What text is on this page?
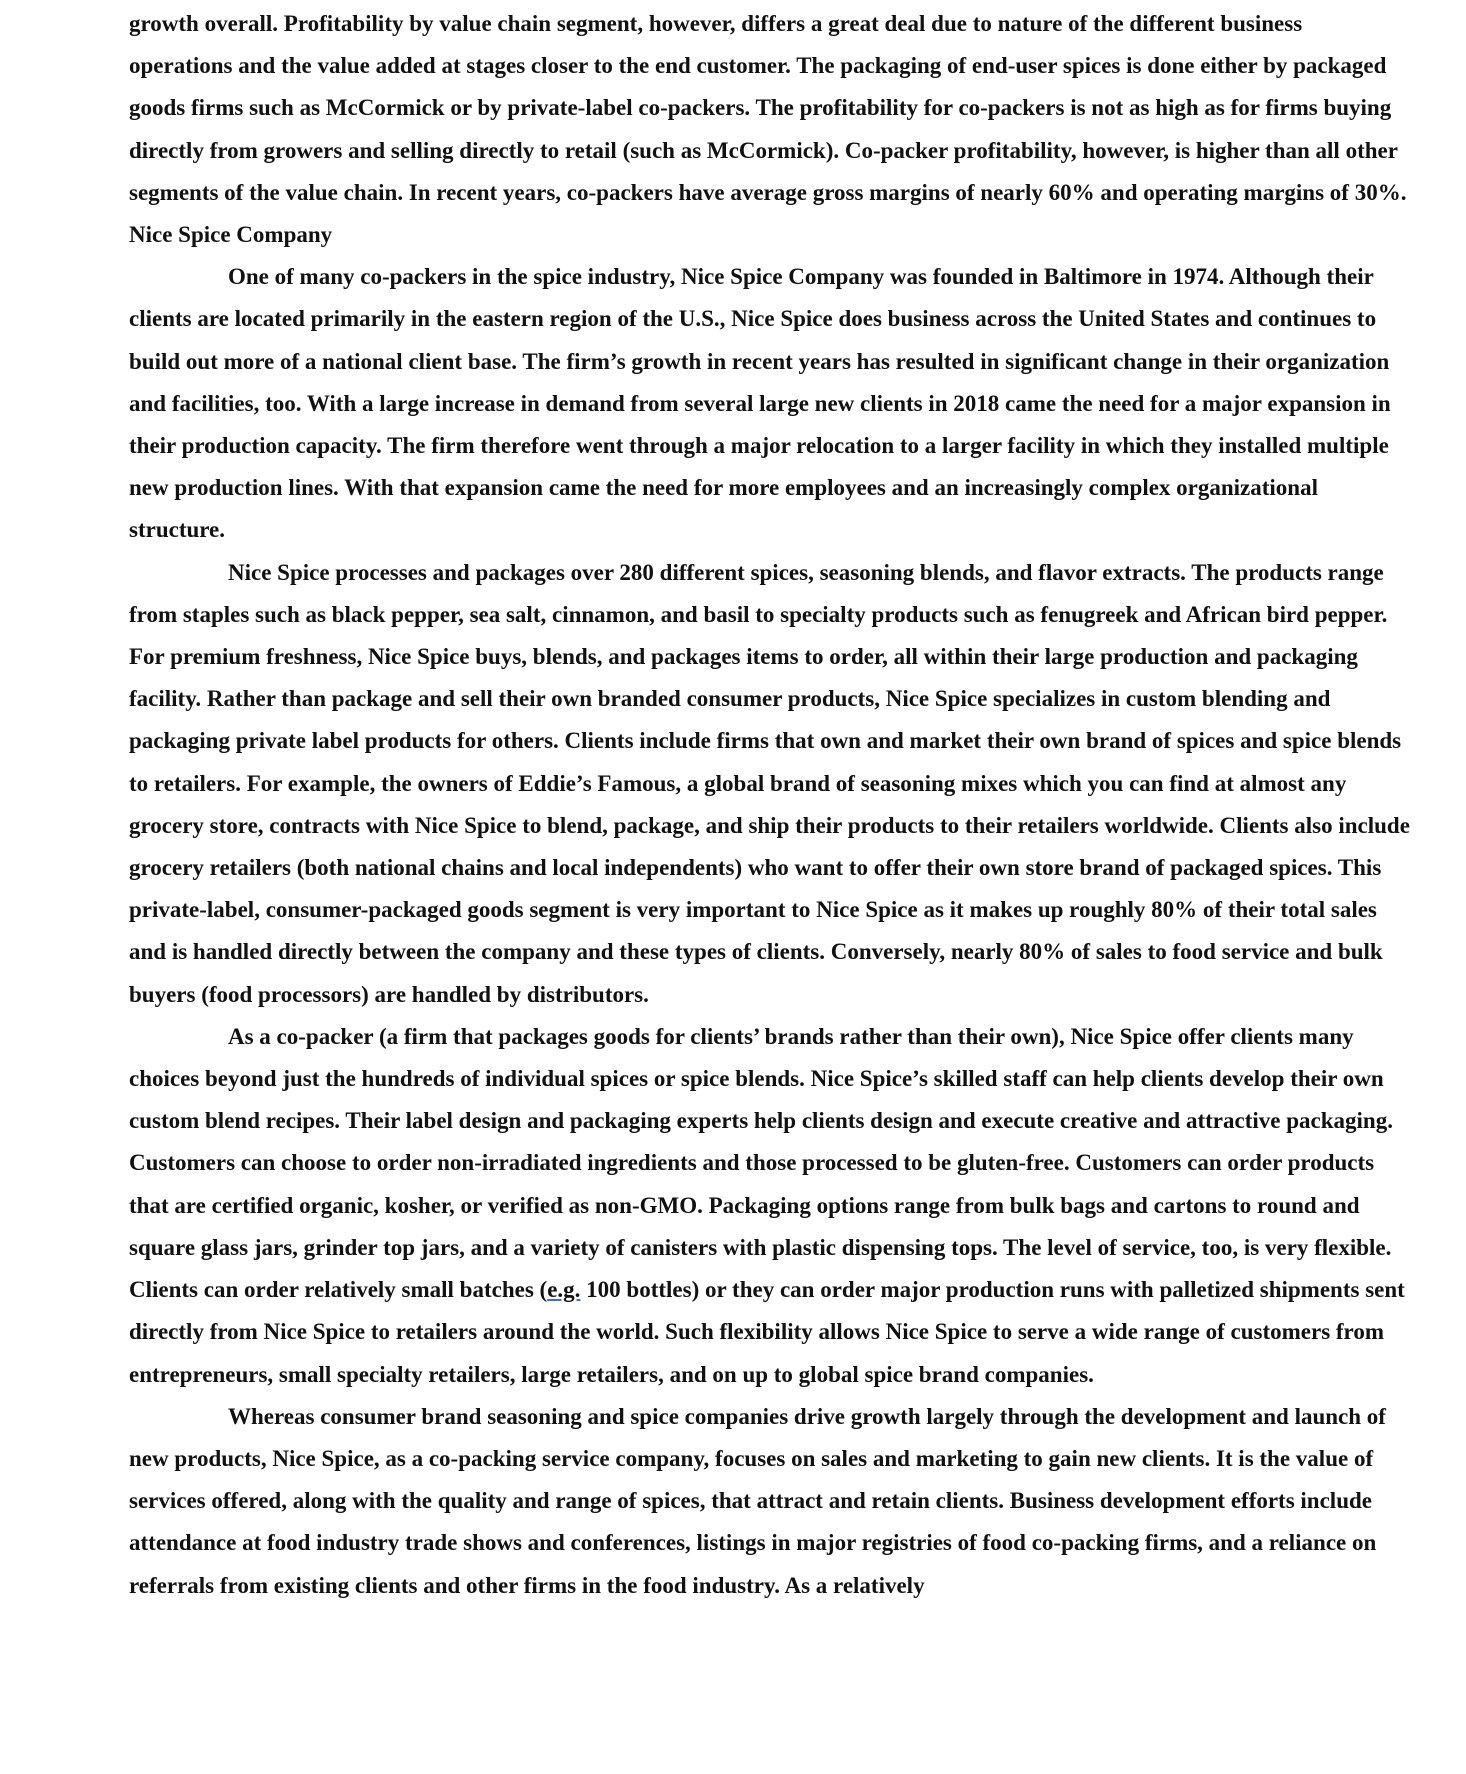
growth overall. Profitability by value chain segment, however, differs a great deal due to nature of the different business operations and the value added at stages closer to the end customer. The packaging of end-user spices is done either by packaged goods firms such as McCormick or by private-label co-packers. The profitability for co-packers is not as high as for firms buying directly from growers and selling directly to retail (such as McCormick). Co-packer profitability, however, is higher than all other segments of the value chain. In recent years, co-packers have average gross margins of nearly 60% and operating margins of 30%.

Nice Spice Company

One of many co-packers in the spice industry, Nice Spice Company was founded in Baltimore in 1974. Although their clients are located primarily in the eastern region of the U.S., Nice Spice does business across the United States and continues to build out more of a national client base. The firm’s growth in recent years has resulted in significant change in their organization and facilities, too. With a large increase in demand from several large new clients in 2018 came the need for a major expansion in their production capacity. The firm therefore went through a major relocation to a larger facility in which they installed multiple new production lines. With that expansion came the need for more employees and an increasingly complex organizational structure.

Nice Spice processes and packages over 280 different spices, seasoning blends, and flavor extracts. The products range from staples such as black pepper, sea salt, cinnamon, and basil to specialty products such as fenugreek and African bird pepper. For premium freshness, Nice Spice buys, blends, and packages items to order, all within their large production and packaging facility. Rather than package and sell their own branded consumer products, Nice Spice specializes in custom blending and packaging private label products for others. Clients include firms that own and market their own brand of spices and spice blends to retailers. For example, the owners of Eddie’s Famous, a global brand of seasoning mixes which you can find at almost any grocery store, contracts with Nice Spice to blend, package, and ship their products to their retailers worldwide. Clients also include grocery retailers (both national chains and local independents) who want to offer their own store brand of packaged spices. This private-label, consumer-packaged goods segment is very important to Nice Spice as it makes up roughly 80% of their total sales and is handled directly between the company and these types of clients. Conversely, nearly 80% of sales to food service and bulk buyers (food processors) are handled by distributors.

As a co-packer (a firm that packages goods for clients’ brands rather than their own), Nice Spice offer clients many choices beyond just the hundreds of individual spices or spice blends. Nice Spice’s skilled staff can help clients develop their own custom blend recipes. Their label design and packaging experts help clients design and execute creative and attractive packaging. Customers can choose to order non-irradiated ingredients and those processed to be gluten-free. Customers can order products that are certified organic, kosher, or verified as non-GMO. Packaging options range from bulk bags and cartons to round and square glass jars, grinder top jars, and a variety of canisters with plastic dispensing tops. The level of service, too, is very flexible. Clients can order relatively small batches (e.g. 100 bottles) or they can order major production runs with palletized shipments sent directly from Nice Spice to retailers around the world. Such flexibility allows Nice Spice to serve a wide range of customers from entrepreneurs, small specialty retailers, large retailers, and on up to global spice brand companies.

Whereas consumer brand seasoning and spice companies drive growth largely through the development and launch of new products, Nice Spice, as a co-packing service company, focuses on sales and marketing to gain new clients. It is the value of services offered, along with the quality and range of spices, that attract and retain clients. Business development efforts include attendance at food industry trade shows and conferences, listings in major registries of food co-packing firms, and a reliance on referrals from existing clients and other firms in the food industry. As a relatively
